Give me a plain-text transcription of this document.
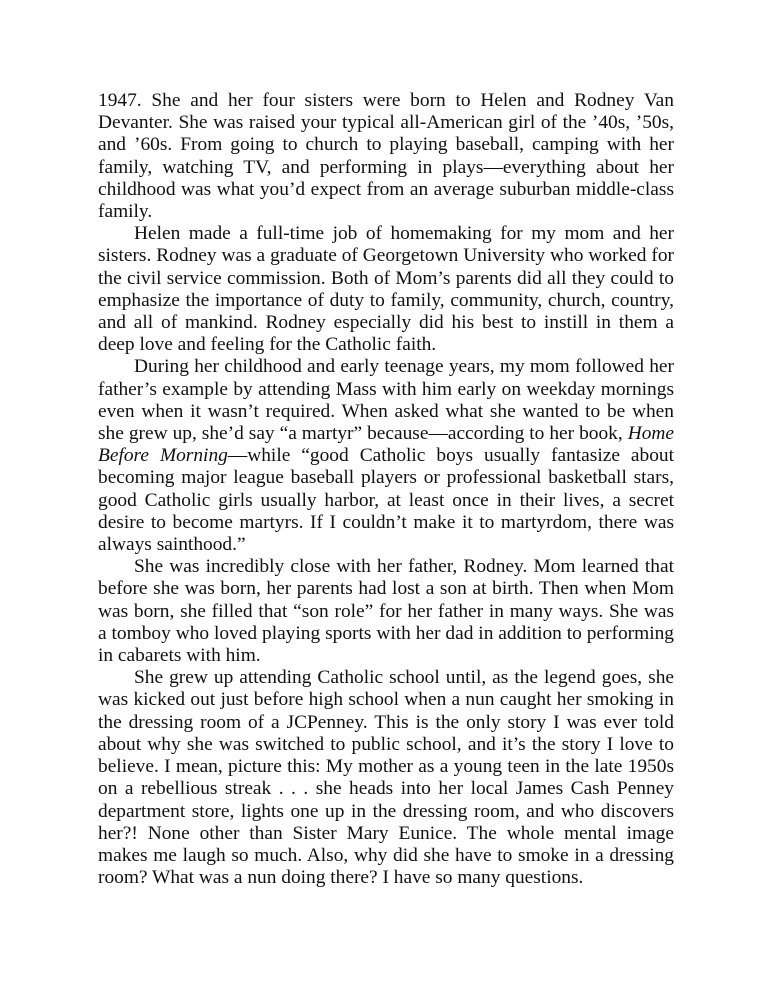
1947. She and her four sisters were born to Helen and Rodney Van Devanter. She was raised your typical all-American girl of the ’40s, ’50s, and ’60s. From going to church to playing baseball, camping with her family, watching TV, and performing in plays—everything about her childhood was what you’d expect from an average suburban middle-class family.

Helen made a full-time job of homemaking for my mom and her sisters. Rodney was a graduate of Georgetown University who worked for the civil service commission. Both of Mom’s parents did all they could to emphasize the importance of duty to family, community, church, country, and all of mankind. Rodney especially did his best to instill in them a deep love and feeling for the Catholic faith.

During her childhood and early teenage years, my mom followed her father’s example by attending Mass with him early on weekday mornings even when it wasn’t required. When asked what she wanted to be when she grew up, she’d say “a martyr” because—according to her book, Home Before Morning—while “good Catholic boys usually fantasize about becoming major league baseball players or professional basketball stars, good Catholic girls usually harbor, at least once in their lives, a secret desire to become martyrs. If I couldn’t make it to martyrdom, there was always sainthood.”

She was incredibly close with her father, Rodney. Mom learned that before she was born, her parents had lost a son at birth. Then when Mom was born, she filled that “son role” for her father in many ways. She was a tomboy who loved playing sports with her dad in addition to performing in cabarets with him.

She grew up attending Catholic school until, as the legend goes, she was kicked out just before high school when a nun caught her smoking in the dressing room of a JCPenney. This is the only story I was ever told about why she was switched to public school, and it’s the story I love to believe. I mean, picture this: My mother as a young teen in the late 1950s on a rebellious streak . . . she heads into her local James Cash Penney department store, lights one up in the dressing room, and who discovers her?! None other than Sister Mary Eunice. The whole mental image makes me laugh so much. Also, why did she have to smoke in a dressing room? What was a nun doing there? I have so many questions.
